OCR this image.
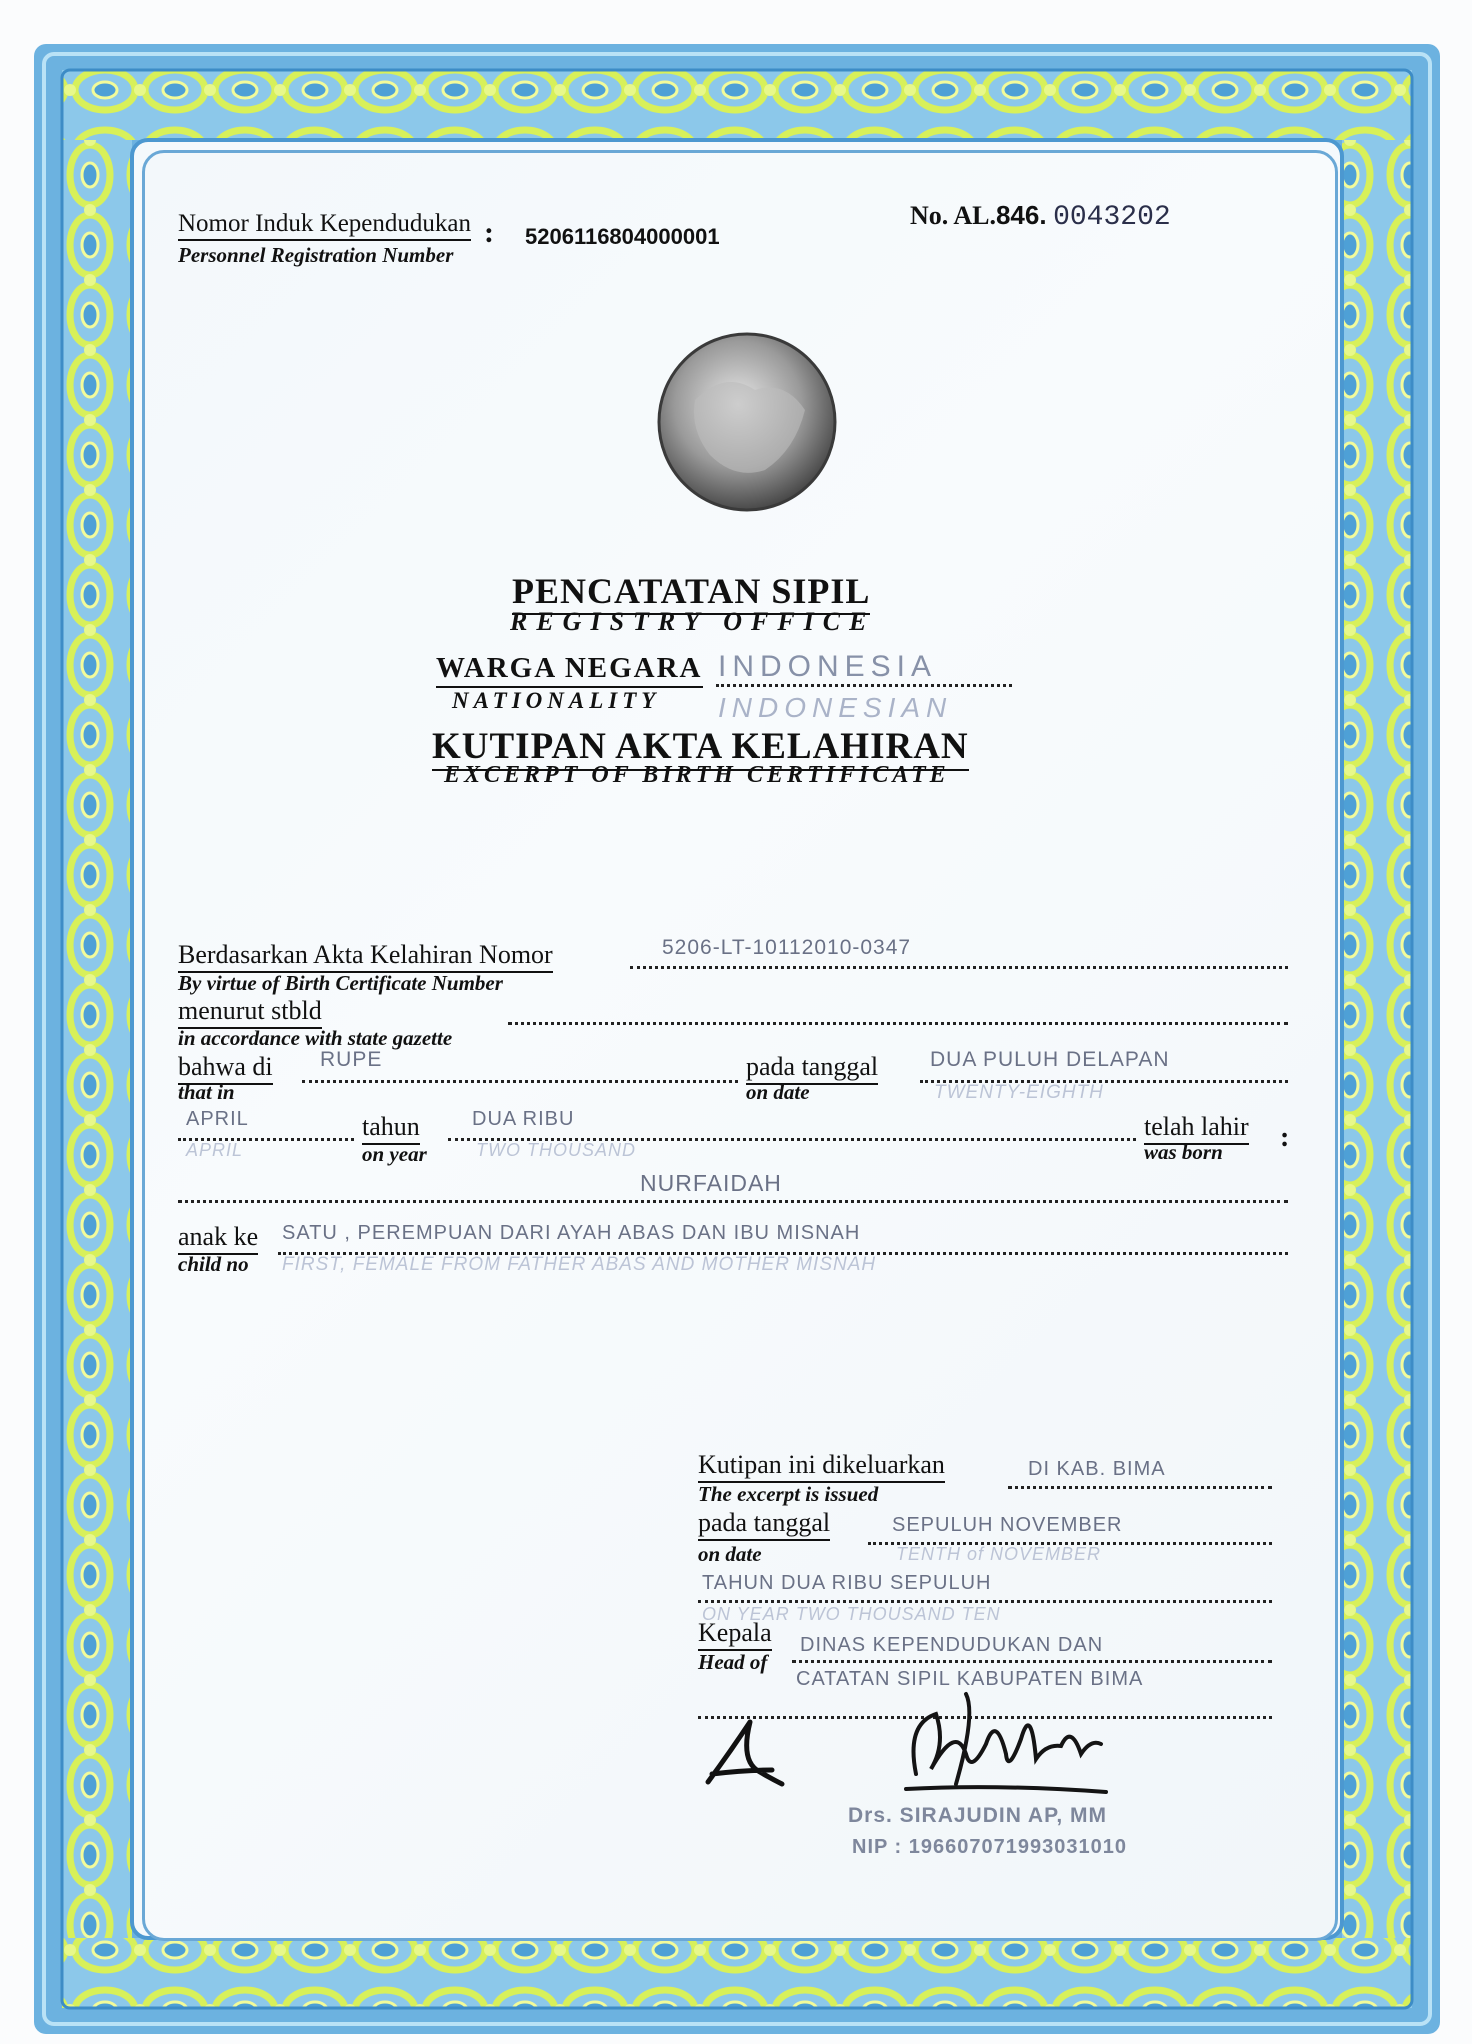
Nomor Induk Kependudukan :
Personnel Registration Number
5206116804000001
No. AL.846. 0043202
PENCATATAN SIPIL
REGISTRY OFFICE
WARGA NEGARA
NATIONALITY
INDONESIA
INDONESIAN
KUTIPAN AKTA KELAHIRAN
EXCERPT OF BIRTH CERTIFICATE
Berdasarkan Akta Kelahiran Nomor
By virtue of Birth Certificate Number
5206-LT-10112010-0347
menurut stbld
in accordance with state gazette
bahwa di
that in
RUPE	pada tanggal
on date
DUA PULUH DELAPAN
TWENTY-EIGHTH
APRIL
APRIL
tahun
on year
DUA RIBU
TWO THOUSAND
telah lahir
was born :
NURFAIDAH
anak ke
child no
SATU , PEREMPUAN DARI AYAH ABAS DAN IBU MISNAH
FIRST, FEMALE FROM FATHER ABAS AND MOTHER MISNAH
Kutipan ini dikeluarkan
The excerpt is issued
DI KAB. BIMA
pada tanggal
on date
SEPULUH NOVEMBER
TENTH of NOVEMBER
TAHUN DUA RIBU SEPULUH
ON YEAR TWO THOUSAND TEN
Kepala
Head of
DINAS KEPENDUDUKAN DAN
CATATAN SIPIL KABUPATEN BIMA
Drs. SIRAJUDIN AP, MM
NIP : 196607071993031010
